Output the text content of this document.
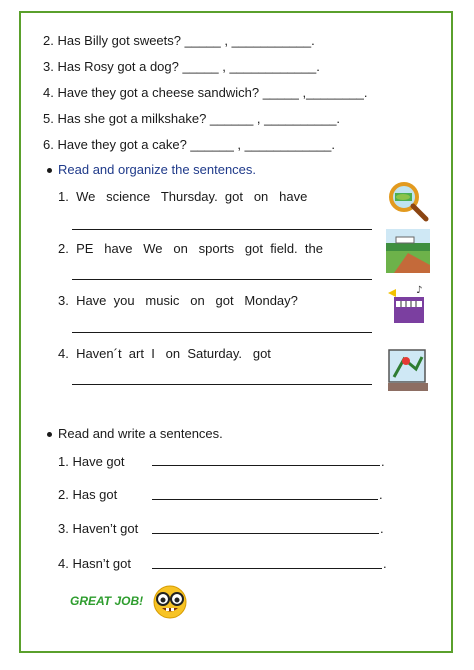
2. Has Billy got sweets? _____ , ___________.
3. Has Rosy got a dog? _____ , ____________.
4. Have they got a cheese sandwich? _____ ,________.
5. Has she got a milkshake? ______ , __________.
6. Have they got a cake? ______ , ____________.
Read and organize the sentences.
1.  We   science   Thursday.  got   on   have
2.  PE   have   We   on   sports   got  field.  the
3.  Have  you   music   on   got   Monday?
4.  Haven´t  art  I   on  Saturday.   got
♪
Read and write a sentences.
1. Have got	.
2. Has got	.
3. Haven’t got	.
4. Hasn’t got	.
GREAT JOB!
